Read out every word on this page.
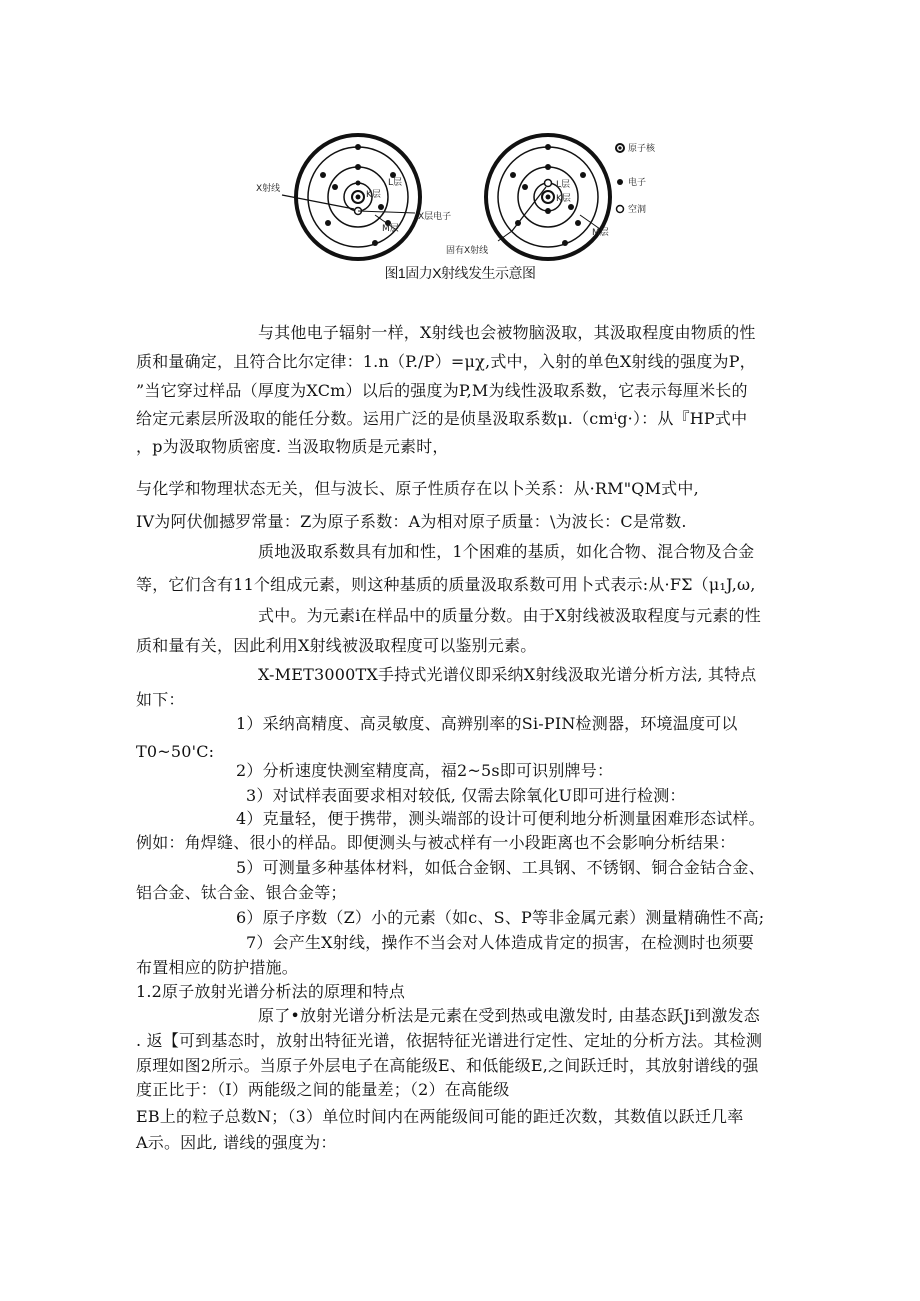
X射线
K层
L层
X层电子
M层
L层
K层
M层
固有X射线
原子核
电子
空洞
图1固力X射线发生示意图
与其他电子辐射一样，X射线也会被物脑汲取，其汲取程度由物质的性
质和量确定，且符合比尔定律：1.n（P./P）=μχ,式中，入射的单色X射线的强度为P，
”当它穿过样品（厚度为XCm）以后的强度为P,M为线性汲取系数，它表示每厘米长的
给定元素层所汲取的能任分数。运用广泛的是侦垦汲取系数μ.（cmⁱg·）：从『HP式中
，p为汲取物质密度. 当汲取物质是元素时，
与化学和物理状态无关，但与波长、原子性质存在以卜关系：从·RM"QM式中,
IV为阿伏伽撼罗常量：Z为原子系数：A为相对原子质量：\为波长：C是常数.
质地汲取系数具有加和性，1个困难的基质，如化合物、混合物及合金
等，它们含有11个组成元素，则这种基质的质量汲取系数可用卜式表示:从·FΣ（μ₁J,ω,
式中。为元素i在样品中的质量分数。由于X射线被汲取程度与元素的性
质和量有关，因此利用X射线被汲取程度可以鉴别元素。
X-MET3000TX手持式光谱仪即采纳X射线汲取光谱分析方法, 其特点
如下：
1）采纳高精度、高灵敏度、高辨别率的Si-PIN检测器，环境温度可以
T0~50'C:
2）分析速度快测室精度高，福2~5s即可识别牌号：
3）对试样表面要求相对较低, 仅需去除氧化U即可进行检测：
4）克量轻，便于携带，测头端部的设计可便利地分析测量困难形态试样。
例如：角焊缝、很小的样品。即便测头与被忒样有一小段距离也不会影响分析结果：
5）可测量多种基体材料，如低合金钢、工具钢、不锈钢、铜合金钴合金、
铝合金、钛合金、银合金等；
6）原子序数（Z）小的元素（如c、S、P等非金属元素）测量精确性不高;
7）会产生X射线，操作不当会对人体造成肯定的损害，在检测时也须要
布置相应的防护措施。
1.2原子放射光谱分析法的原理和特点
原了•放射光谱分析法是元素在受到热或电激发时, 由基态跃Ji到激发态
. 返【可到基态时，放射出特征光谱，依据特征光谱进行定性、定址的分析方法。其检测
原理如图2所示。当原子外层电子在高能级E、和低能级E,之间跃迁时，其放射谱线的强
度正比于：（I）两能级之间的能量差；（2）在高能级
EB上的粒子总数N；（3）单位时间内在两能级间可能的距迁次数，其数值以跃迁几率
A示。因此, 谱线的强度为：
